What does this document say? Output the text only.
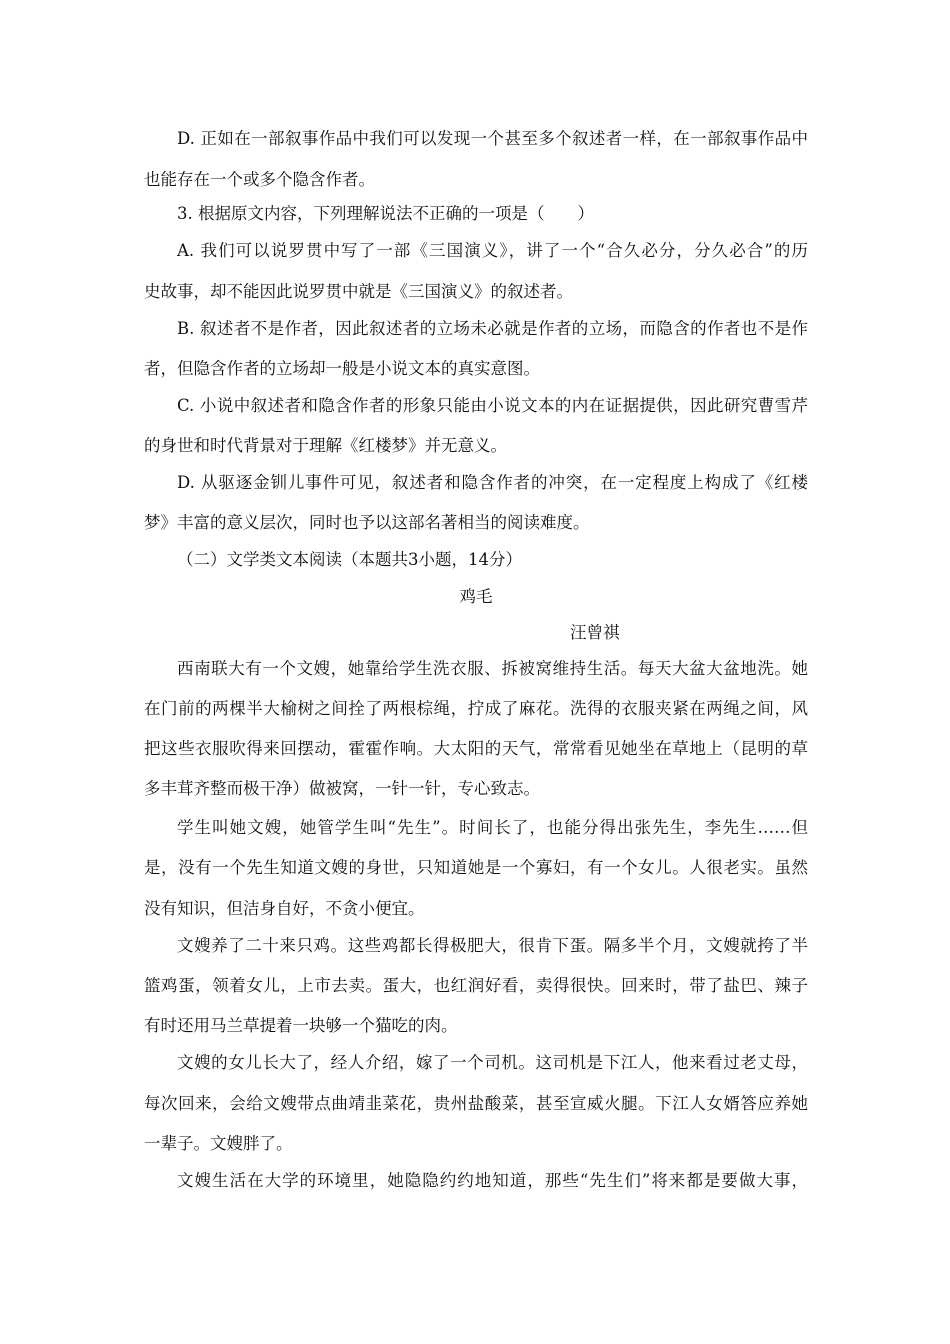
D. 正如在一部叙事作品中我们可以发现一个甚至多个叙述者一样，在一部叙事作品中
也能存在一个或多个隐含作者。
3. 根据原文内容，下列理解说法不正确的一项是（　　）
A. 我们可以说罗贯中写了一部《三国演义》，讲了一个“合久必分，分久必合”的历
史故事，却不能因此说罗贯中就是《三国演义》的叙述者。
B. 叙述者不是作者，因此叙述者的立场未必就是作者的立场，而隐含的作者也不是作
者，但隐含作者的立场却一般是小说文本的真实意图。
C. 小说中叙述者和隐含作者的形象只能由小说文本的内在证据提供，因此研究曹雪芹
的身世和时代背景对于理解《红楼梦》并无意义。
D. 从驱逐金钏儿事件可见，叙述者和隐含作者的冲突，在一定程度上构成了《红楼
梦》丰富的意义层次，同时也予以这部名著相当的阅读难度。
（二）文学类文本阅读（本题共3小题，14分）
鸡毛
汪曾祺
西南联大有一个文嫂，她靠给学生洗衣服、拆被窝维持生活。每天大盆大盆地洗。她
在门前的两棵半大榆树之间拴了两根棕绳，拧成了麻花。洗得的衣服夹紧在两绳之间，风
把这些衣服吹得来回摆动，霍霍作响。大太阳的天气，常常看见她坐在草地上（昆明的草
多丰茸齐整而极干净）做被窝，一针一针，专心致志。
学生叫她文嫂，她管学生叫“先生”。时间长了，也能分得出张先生，李先生……但
是，没有一个先生知道文嫂的身世，只知道她是一个寡妇，有一个女儿。人很老实。虽然
没有知识，但洁身自好，不贪小便宜。
文嫂养了二十来只鸡。这些鸡都长得极肥大，很肯下蛋。隔多半个月，文嫂就挎了半
篮鸡蛋，领着女儿，上市去卖。蛋大，也红润好看，卖得很快。回来时，带了盐巴、辣子
有时还用马兰草提着一块够一个猫吃的肉。
文嫂的女儿长大了，经人介绍，嫁了一个司机。这司机是下江人，他来看过老丈母，
每次回来，会给文嫂带点曲靖韭菜花，贵州盐酸菜，甚至宣威火腿。下江人女婿答应养她
一辈子。文嫂胖了。
文嫂生活在大学的环境里，她隐隐约约地知道，那些“先生们”将来都是要做大事，
